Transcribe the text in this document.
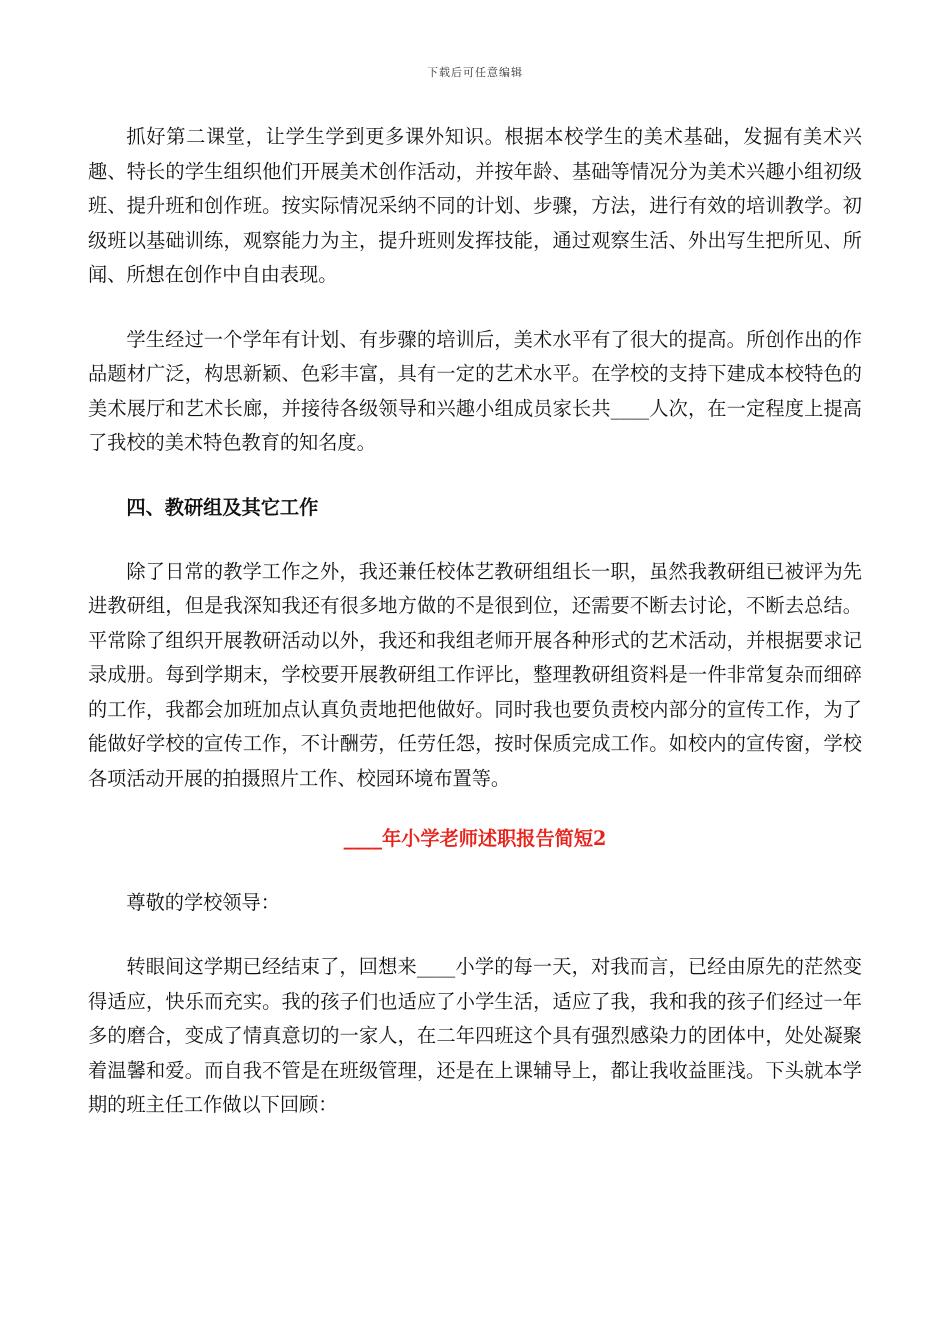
下载后可任意编辑

抓好第二课堂，让学生学到更多课外知识。根据本校学生的美术基础，发掘有美术兴趣、特长的学生组织他们开展美术创作活动，并按年龄、基础等情况分为美术兴趣小组初级班、提升班和创作班。按实际情况采纳不同的计划、步骤，方法，进行有效的培训教学。初级班以基础训练，观察能力为主，提升班则发挥技能，通过观察生活、外出写生把所见、所闻、所想在创作中自由表现。

学生经过一个学年有计划、有步骤的培训后，美术水平有了很大的提高。所创作出的作品题材广泛，构思新颖、色彩丰富，具有一定的艺术水平。在学校的支持下建成本校特色的美术展厅和艺术长廊，并接待各级领导和兴趣小组成员家长共____人次，在一定程度上提高了我校的美术特色教育的知名度。

四、教研组及其它工作

除了日常的教学工作之外，我还兼任校体艺教研组组长一职，虽然我教研组已被评为先进教研组，但是我深知我还有很多地方做的不是很到位，还需要不断去讨论，不断去总结。平常除了组织开展教研活动以外，我还和我组老师开展各种形式的艺术活动，并根据要求记录成册。每到学期末，学校要开展教研组工作评比，整理教研组资料是一件非常复杂而细碎的工作，我都会加班加点认真负责地把他做好。同时我也要负责校内部分的宣传工作，为了能做好学校的宣传工作，不计酬劳，任劳任怨，按时保质完成工作。如校内的宣传窗，学校各项活动开展的拍摄照片工作、校园环境布置等。

____年小学老师述职报告简短2
尊敬的学校领导：

转眼间这学期已经结束了，回想来____小学的每一天，对我而言，已经由原先的茫然变得适应，快乐而充实。我的孩子们也适应了小学生活，适应了我，我和我的孩子们经过一年多的磨合，变成了情真意切的一家人，在二年四班这个具有强烈感染力的团体中，处处凝聚着温馨和爱。而自我不管是在班级管理，还是在上课辅导上，都让我收益匪浅。下头就本学期的班主任工作做以下回顾：
